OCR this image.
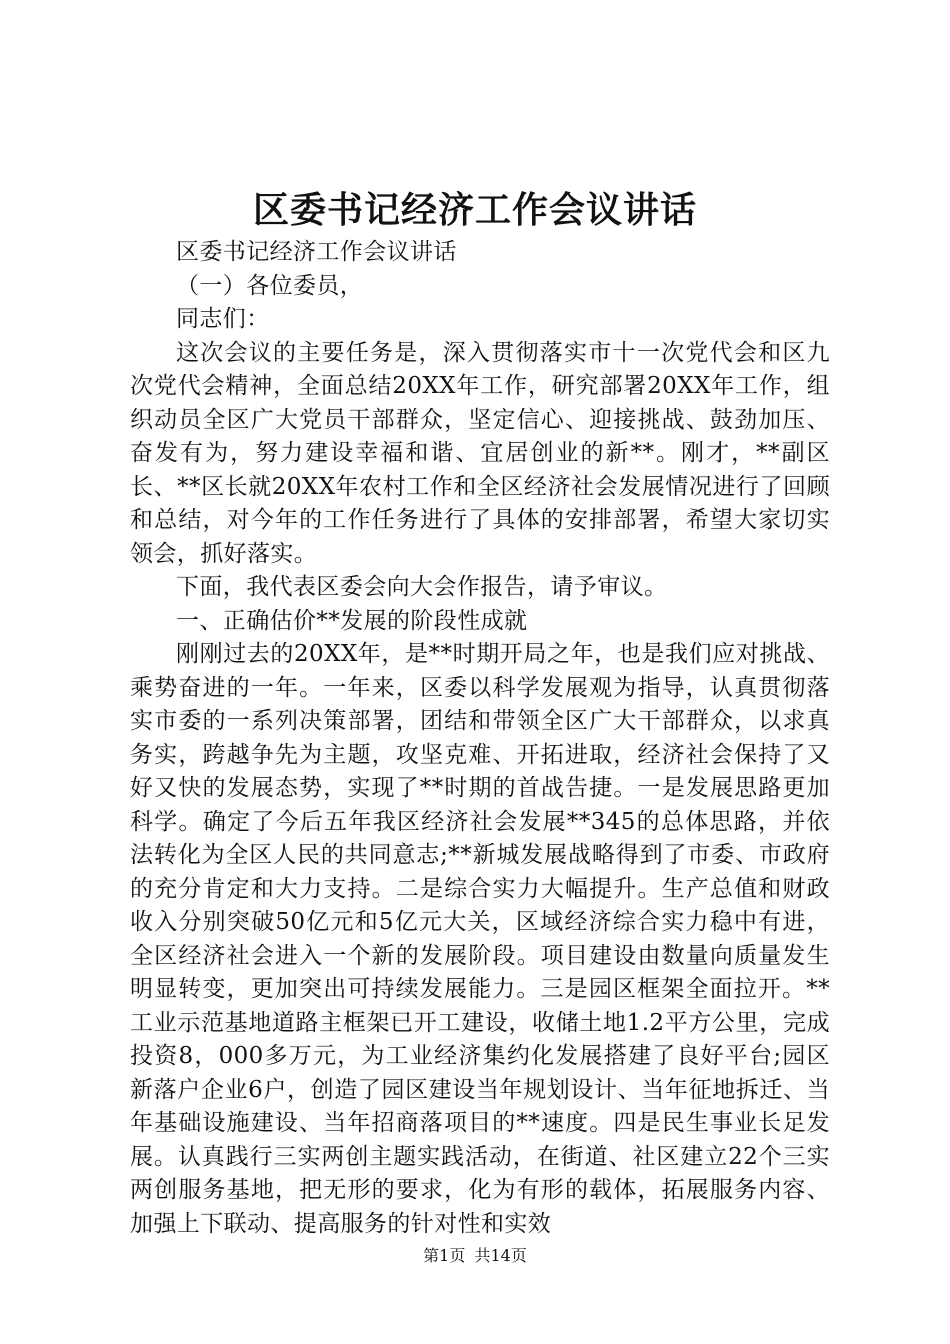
区委书记经济工作会议讲话

区委书记经济工作会议讲话

（一）各位委员，

同志们：

这次会议的主要任务是，深入贯彻落实市十一次党代会和区九次党代会精神，全面总结20XX年工作，研究部署20XX年工作，组织动员全区广大党员干部群众，坚定信心、迎接挑战、鼓劲加压、奋发有为，努力建设幸福和谐、宜居创业的新**。刚才，**副区长、**区长就20XX年农村工作和全区经济社会发展情况进行了回顾和总结，对今年的工作任务进行了具体的安排部署，希望大家切实领会，抓好落实。

下面，我代表区委会向大会作报告，请予审议。

一、正确估价**发展的阶段性成就

刚刚过去的20XX年，是**时期开局之年，也是我们应对挑战、乘势奋进的一年。一年来，区委以科学发展观为指导，认真贯彻落实市委的一系列决策部署，团结和带领全区广大干部群众，以求真务实，跨越争先为主题，攻坚克难、开拓进取，经济社会保持了又好又快的发展态势，实现了**时期的首战告捷。一是发展思路更加科学。确定了今后五年我区经济社会发展**345的总体思路，并依法转化为全区人民的共同意志;**新城发展战略得到了市委、市政府的充分肯定和大力支持。二是综合实力大幅提升。生产总值和财政收入分别突破50亿元和5亿元大关，区域经济综合实力稳中有进，全区经济社会进入一个新的发展阶段。项目建设由数量向质量发生明显转变，更加突出可持续发展能力。三是园区框架全面拉开。**工业示范基地道路主框架已开工建设，收储土地1.2平方公里，完成投资8，000多万元，为工业经济集约化发展搭建了良好平台;园区新落户企业6户，创造了园区建设当年规划设计、当年征地拆迁、当年基础设施建设、当年招商落项目的**速度。四是民生事业长足发展。认真践行三实两创主题实践活动，在街道、社区建立22个三实两创服务基地，把无形的要求，化为有形的载体，拓展服务内容、加强上下联动、提高服务的针对性和实效

第1页 共14页
